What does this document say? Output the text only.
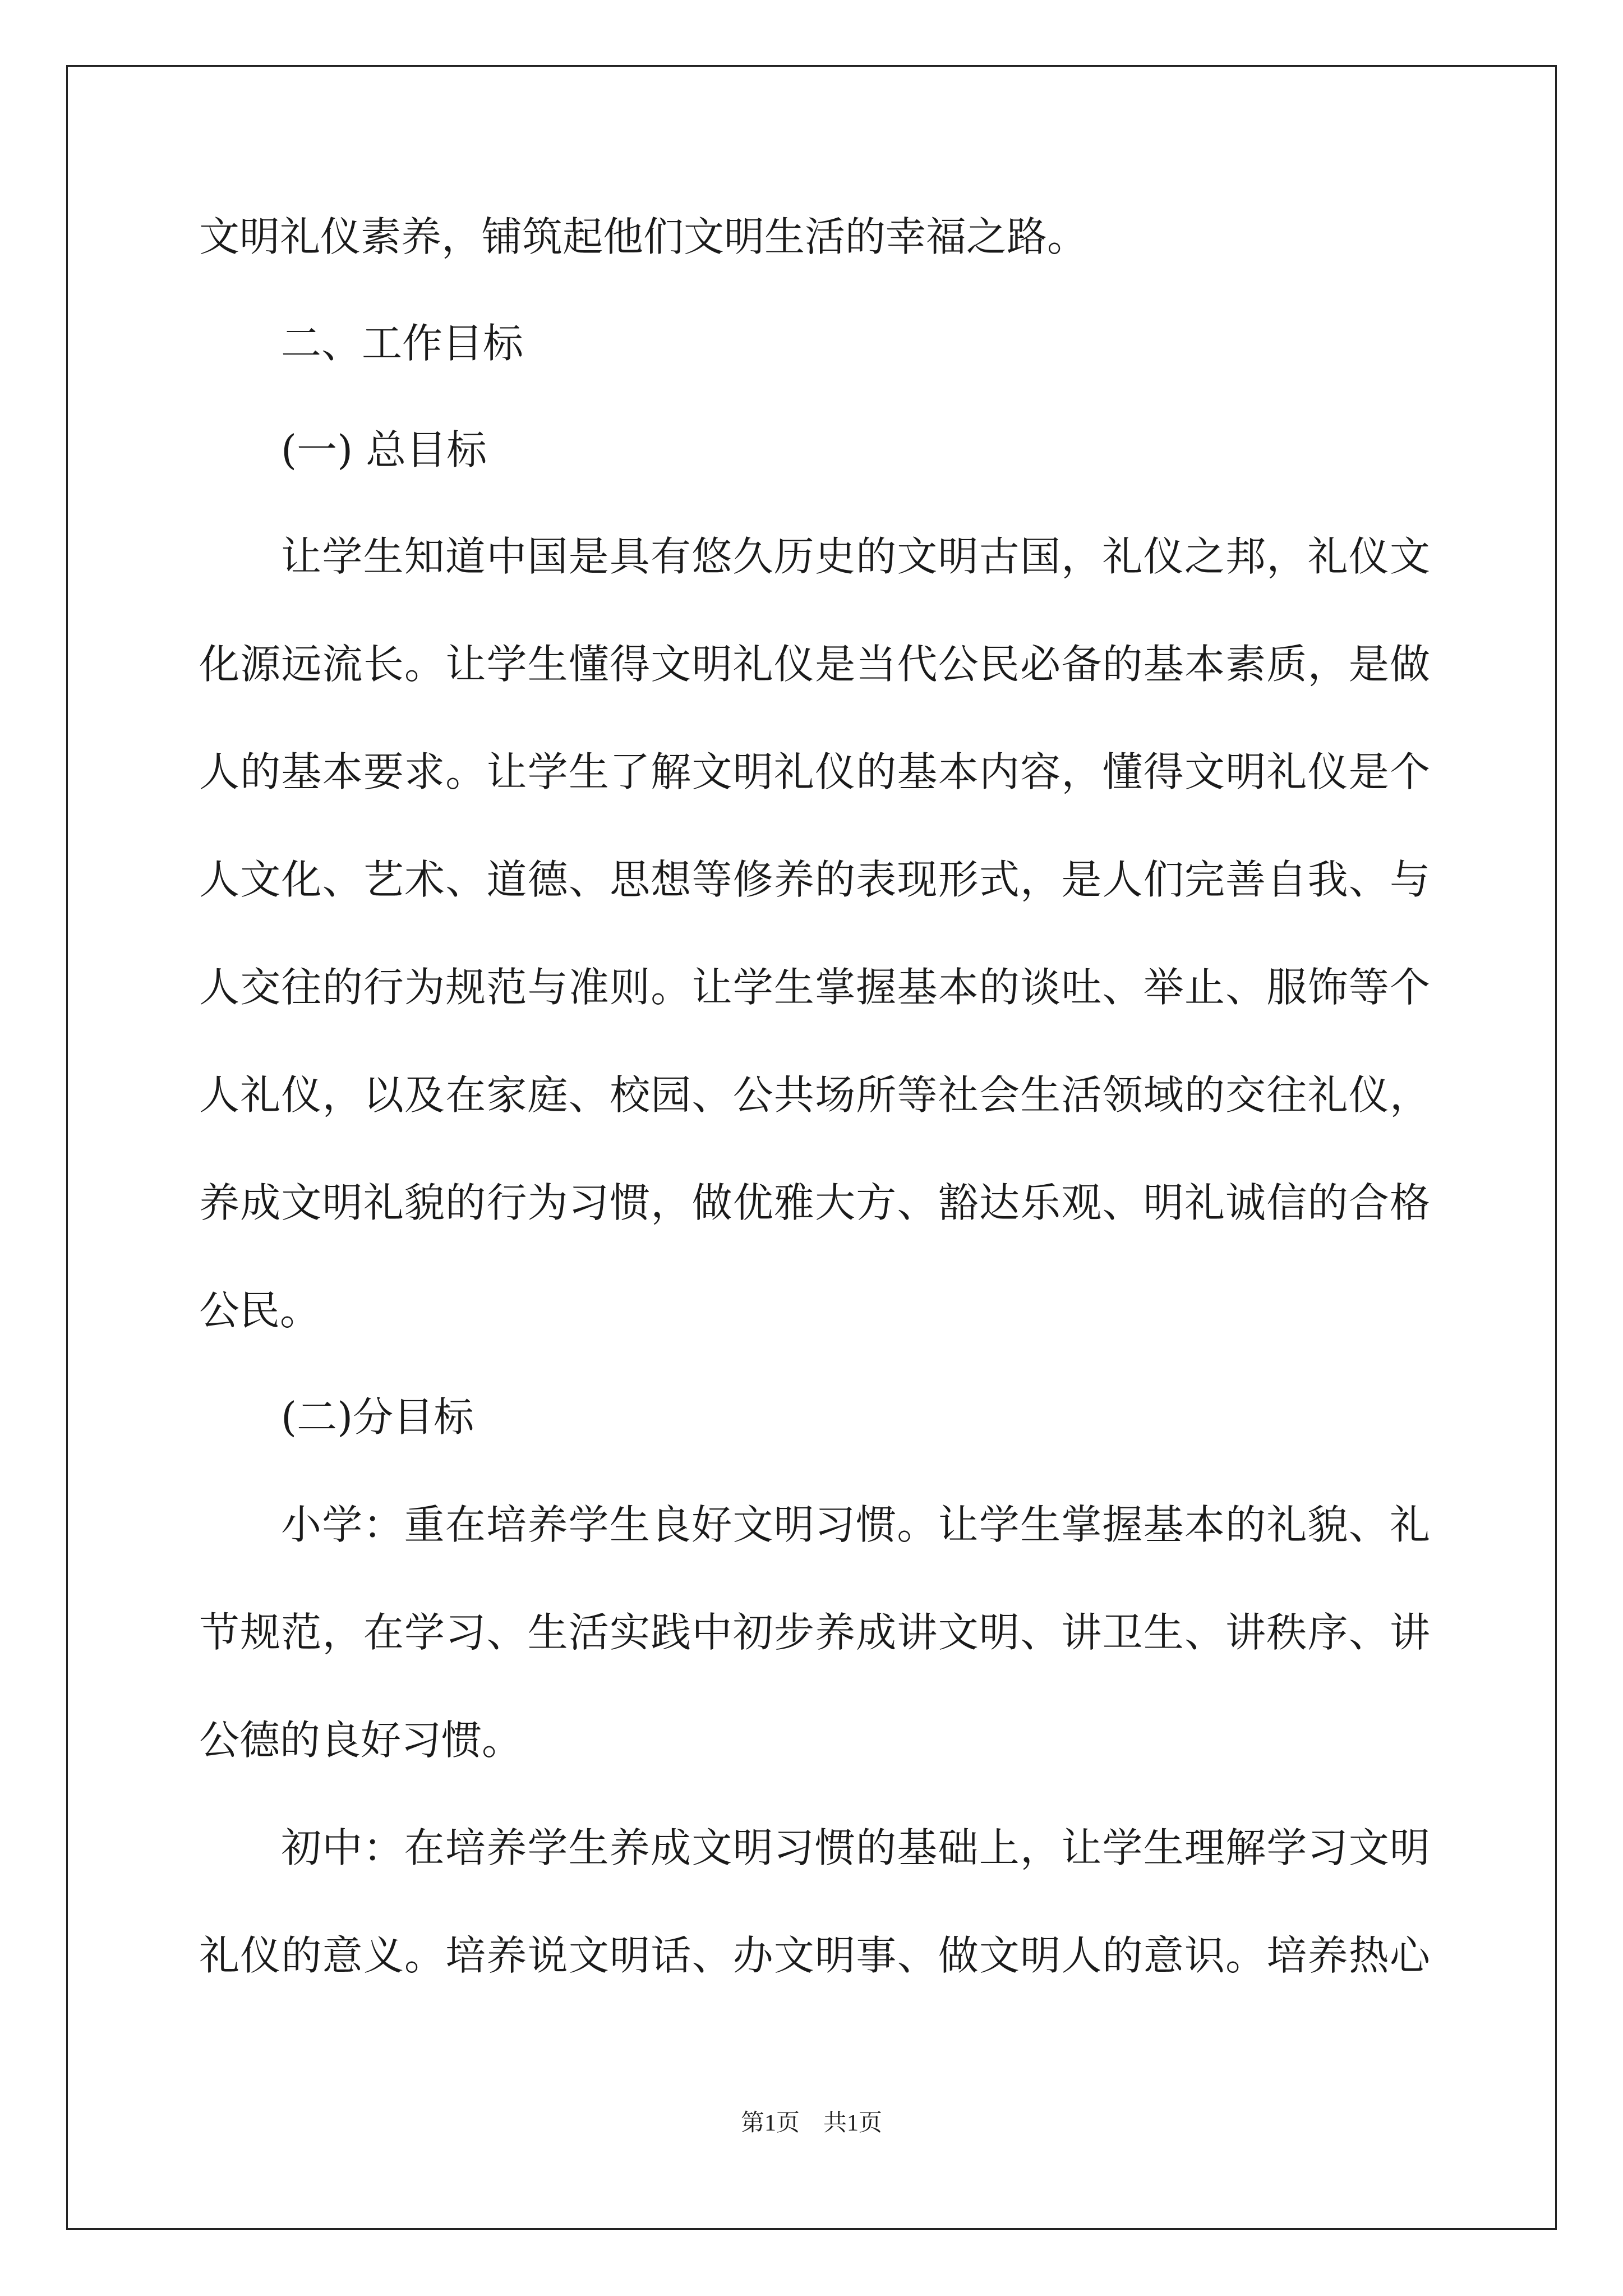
文明礼仪素养，铺筑起他们文明生活的幸福之路。
二、工作目标
(一) 总目标
让学生知道中国是具有悠久历史的文明古国，礼仪之邦，礼仪文
化源远流长。让学生懂得文明礼仪是当代公民必备的基本素质，是做
人的基本要求。让学生了解文明礼仪的基本内容，懂得文明礼仪是个
人文化、艺术、道德、思想等修养的表现形式，是人们完善自我、与
人交往的行为规范与准则。让学生掌握基本的谈吐、举止、服饰等个
人礼仪，以及在家庭、校园、公共场所等社会生活领域的交往礼仪，
养成文明礼貌的行为习惯，做优雅大方、豁达乐观、明礼诚信的合格
公民。
(二)分目标
小学：重在培养学生良好文明习惯。让学生掌握基本的礼貌、礼
节规范，在学习、生活实践中初步养成讲文明、讲卫生、讲秩序、讲
公德的良好习惯。
初中：在培养学生养成文明习惯的基础上，让学生理解学习文明
礼仪的意义。培养说文明话、办文明事、做文明人的意识。培养热心
第1页　共1页
